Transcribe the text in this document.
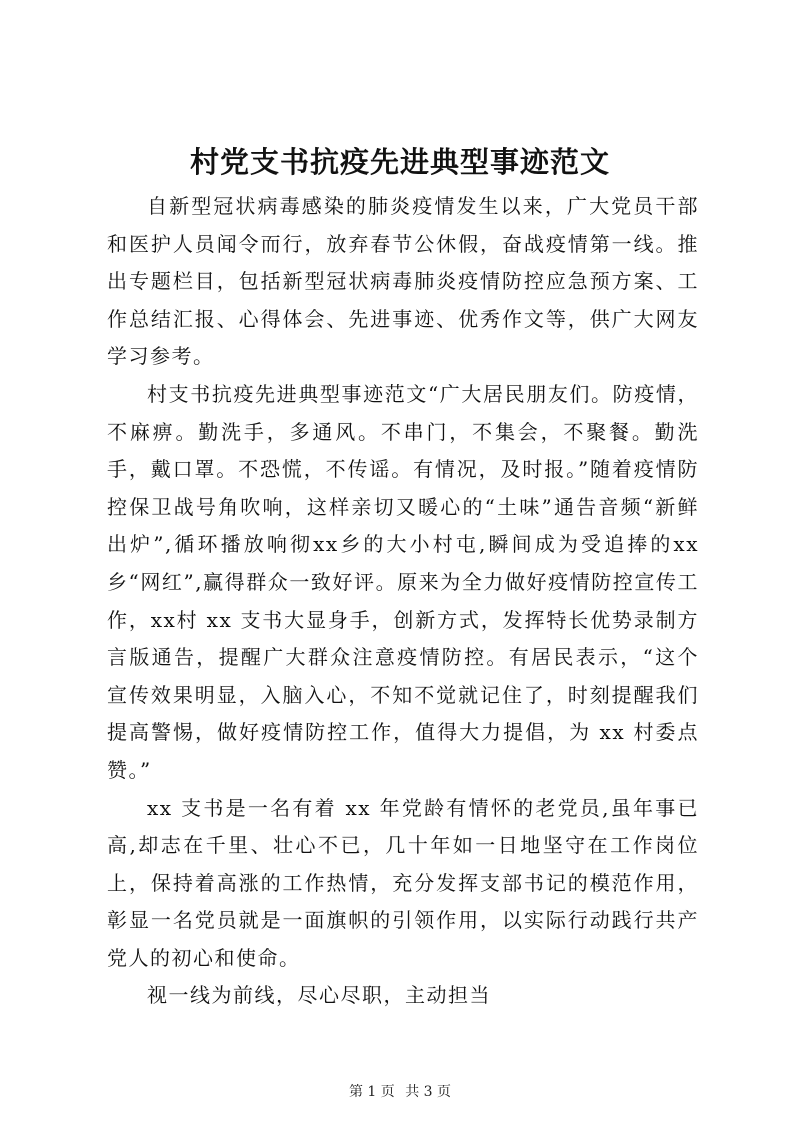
村党支书抗疫先进典型事迹范文

自新型冠状病毒感染的肺炎疫情发生以来，广大党员干部和医护人员闻令而行，放弃春节公休假，奋战疫情第一线。推出专题栏目，包括新型冠状病毒肺炎疫情防控应急预方案、工作总结汇报、心得体会、先进事迹、优秀作文等，供广大网友学习参考。

村支书抗疫先进典型事迹范文“广大居民朋友们。防疫情，不麻痹。勤洗手，多通风。不串门，不集会，不聚餐。勤洗手，戴口罩。不恐慌，不传谣。有情况，及时报。”随着疫情防控保卫战号角吹响，这样亲切又暖心的“土味”通告音频“新鲜出炉”,循环播放响彻xx乡的大小村屯,瞬间成为受追捧的xx乡“网红”,赢得群众一致好评。原来为全力做好疫情防控宣传工作，xx村 xx 支书大显身手，创新方式，发挥特长优势录制方言版通告，提醒广大群众注意疫情防控。有居民表示，“这个宣传效果明显，入脑入心，不知不觉就记住了，时刻提醒我们提高警惕，做好疫情防控工作，值得大力提倡，为 xx 村委点赞。”

xx 支书是一名有着 xx 年党龄有情怀的老党员,虽年事已高,却志在千里、壮心不已，几十年如一日地坚守在工作岗位上，保持着高涨的工作热情，充分发挥支部书记的模范作用，彰显一名党员就是一面旗帜的引领作用，以实际行动践行共产党人的初心和使命。

视一线为前线，尽心尽职，主动担当

第 1 页 共 3 页
